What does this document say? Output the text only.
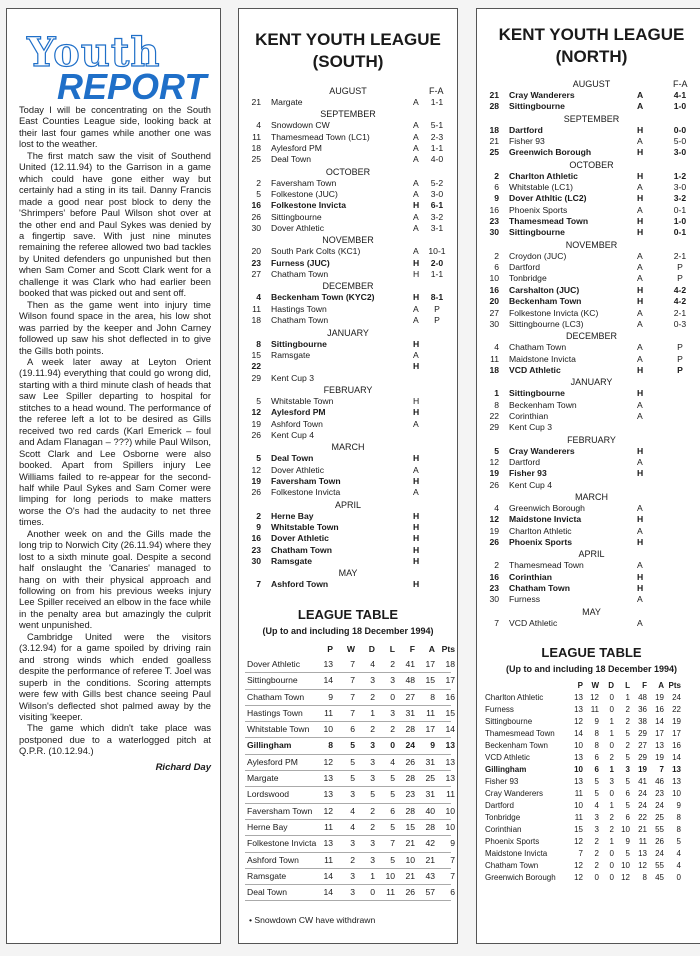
Youth
REPORT

Today I will be concentrating on the South East Counties League side, looking back at their last four games while another one was lost to the weather.

The first match saw the visit of Southend United (12.11.94) to the Garrison in a game which could have gone either way but certainly had a sting in its tail. Danny Francis made a good near post block to deny the 'Shrimpers' before Paul Wilson shot over at the other end and Paul Sykes was denied by a fingertip save. With just nine minutes remaining the referee allowed two bad tackles by United defenders go unpunished but then when Sam Comer and Scott Clark went for a challenge it was Clark who had earlier been booked that was picked out and sent off.

Then as the game went into injury time Wilson found space in the area, his low shot was parried by the keeper and John Carney followed up saw his shot deflected in to give the Gills both points.

A week later away at Leyton Orient (19.11.94) everything that could go wrong did, starting with a third minute clash of heads that saw Lee Spiller departing to hospital for stitches to a head wound. The performance of the referee left a lot to be desired as Gills received two red cards (Karl Emerick – foul and Adam Flanagan – ???) while Paul Wilson, Scott Clark and Lee Osborne were also booked. Apart from Spillers injury Lee Williams failed to re-appear for the second-half while Paul Sykes and Sam Comer were limping for long periods to make matters worse the O's had the audacity to net three times.

Another week on and the Gills made the long trip to Norwich City (26.11.94) where they lost to a sixth minute goal. Despite a second half onslaught the 'Canaries' managed to hang on with their physical approach and following on from his previous weeks injury Lee Spiller received an elbow in the face while in the penalty area but amazingly the culprit went unpunished.

Cambridge United were the visitors (3.12.94) for a game spoiled by driving rain and strong winds which ended goalless despite the performance of referee T. Joel was superb in the conditions. Scoring attempts were few with Gills best chance seeing Paul Wilson's deflected shot palmed away by the visiting 'keeper.

The game which didn't take place was postponed due to a waterlogged pitch at Q.P.R. (10.12.94.)

Richard Day
KENT YOUTH LEAGUE
(SOUTH)
AUGUST	F-A
21 Margate	A	1-1
SEPTEMBER
4 Snowdown CW	A	5-1
11 Thamesmead Town (LC1)	A	2-3
18 Aylesford PM	A	1-1
25 Deal Town	A	4-0
OCTOBER
2 Faversham Town	A	5-2
5 Folkestone (JUC)	A	3-0
16 Folkestone Invicta	H	6-1
26 Sittingbourne	A	3-2
30 Dover Athletic	A	3-1
NOVEMBER
20 South Park Colts (KC1)	A	10-1
23 Furness (JUC)	H	2-0
27 Chatham Town	H	1-1
DECEMBER
4 Beckenham Town (KYC2)	H	8-1
11 Hastings Town	A	P
18 Chatham Town	A	P
JANUARY
8 Sittingbourne	H
15 Ramsgate	A
22	H
29 Kent Cup 3
FEBRUARY
5 Whitstable Town	H
12 Aylesford PM	H
19 Ashford Town	A
26 Kent Cup 4
MARCH
5 Deal Town	H
12 Dover Athletic	A
19 Faversham Town	H
26 Folkestone Invicta	A
APRIL
2 Herne Bay	H
9 Whitstable Town	H
16 Dover Athletic	H
23 Chatham Town	H
30 Ramsgate	H
MAY
7 Ashford Town	H
LEAGUE TABLE
(Up to and including 18 December 1994)
P	W	D	L	F	A Pts
Dover Athletic	13	7	4	2	41	17	18
Sittingbourne	14	7	3	3	48	15	17
Chatham Town	9	7	2	0	27	8	16
Hastings Town	11	7	1	3	31	11	15
Whitstable Town	10	6	2	2	28	17	14
Gillingham	8	5	3	0	24	9	13
Aylesford PM	12	5	3	4	26	31	13
Margate	13	5	3	5	28	25	13
Lordswood	13	3	5	5	23	31	11
Faversham Town	12	4	2	6	28	40	10
Herne Bay	11	4	2	5	15	28	10
Folkestone Invicta 13	3	3	7	21	42	9
Ashford Town	11	2	3	5	10	21	7
Ramsgate	14	3	1	10	21	43	7
Deal Town	14	3	0	11	26	57	6
• Snowdown CW have withdrawn
KENT YOUTH LEAGUE
(NORTH)
AUGUST	F-A
21 Cray Wanderers	A	4-1
28 Sittingbourne	A	1-0
SEPTEMBER
18 Dartford	H	0-0
21 Fisher 93	A	5-0
25 Greenwich Borough	H	3-0
OCTOBER
2 Charlton Athletic	H	1-2
6 Whitstable (LC1)	A	3-0
9 Dover Athltic (LC2)	H	3-2
16 Phoenix Sports	A	0-1
23 Thamesmead Town	H	1-0
30 Sittingbourne	H	0-1
NOVEMBER
2 Croydon (JUC)	A	2-1
6 Dartford	A	P
10 Tonbridge	A	P
16 Carshalton (JUC)	H	4-2
20 Beckenham Town	H	4-2
27 Folkestone Invicta (KC)	A	2-1
30 Sittingbourne (LC3)	A	0-3
DECEMBER
4 Chatham Town	A	P
11 Maidstone Invicta	A	P
18 VCD Athletic	H	P
JANUARY
1 Sittingbourne	H
8 Beckenham Town	A
22 Corinthian	A
29 Kent Cup 3
FEBRUARY
5 Cray Wanderers	H
12 Dartford	A
19 Fisher 93	H
26 Kent Cup 4
MARCH
4 Greenwich Borough	A
12 Maidstone Invicta	H
19 Charlton Athletic	A
26 Phoenix Sports	H
APRIL
2 Thamesmead Town	A
16 Corinthian	H
23 Chatham Town	H
30 Furness	A
MAY
7 VCD Athletic	A
LEAGUE TABLE
(Up to and including 18 December 1994)
P	W	D	L	F	A Pts
Charlton Athletic	13 12	0	1	48	19	24
Furness	13 11	0	2	36	16	22
Sittingbourne	12	9	1	2	38	14	19
Thamesmead Town	14	8	1	5	29	17	17
Beckenham Town	10	8	0	2	27	13	16
VCD Athletic	13	6	2	5	29	19	14
Gillingham	10	6	1	3	19	7	13
Fisher 93	13	5	3	5	41	46	13
Cray Wanderers	11	5	0	6	24	23	10
Dartford	10	4	1	5	24	24	9
Tonbridge	11	3	2	6	22	25	8
Corinthian	15	3	2 10	21	55	8
Phoenix Sports	12	2	1	9	11	26	5
Maidstone Invicta	7	2	0	5	13	24	4
Chatham Town	12	2	0 10	12	55	4
Greenwich Borough	12	0	0 12	8	45	0
